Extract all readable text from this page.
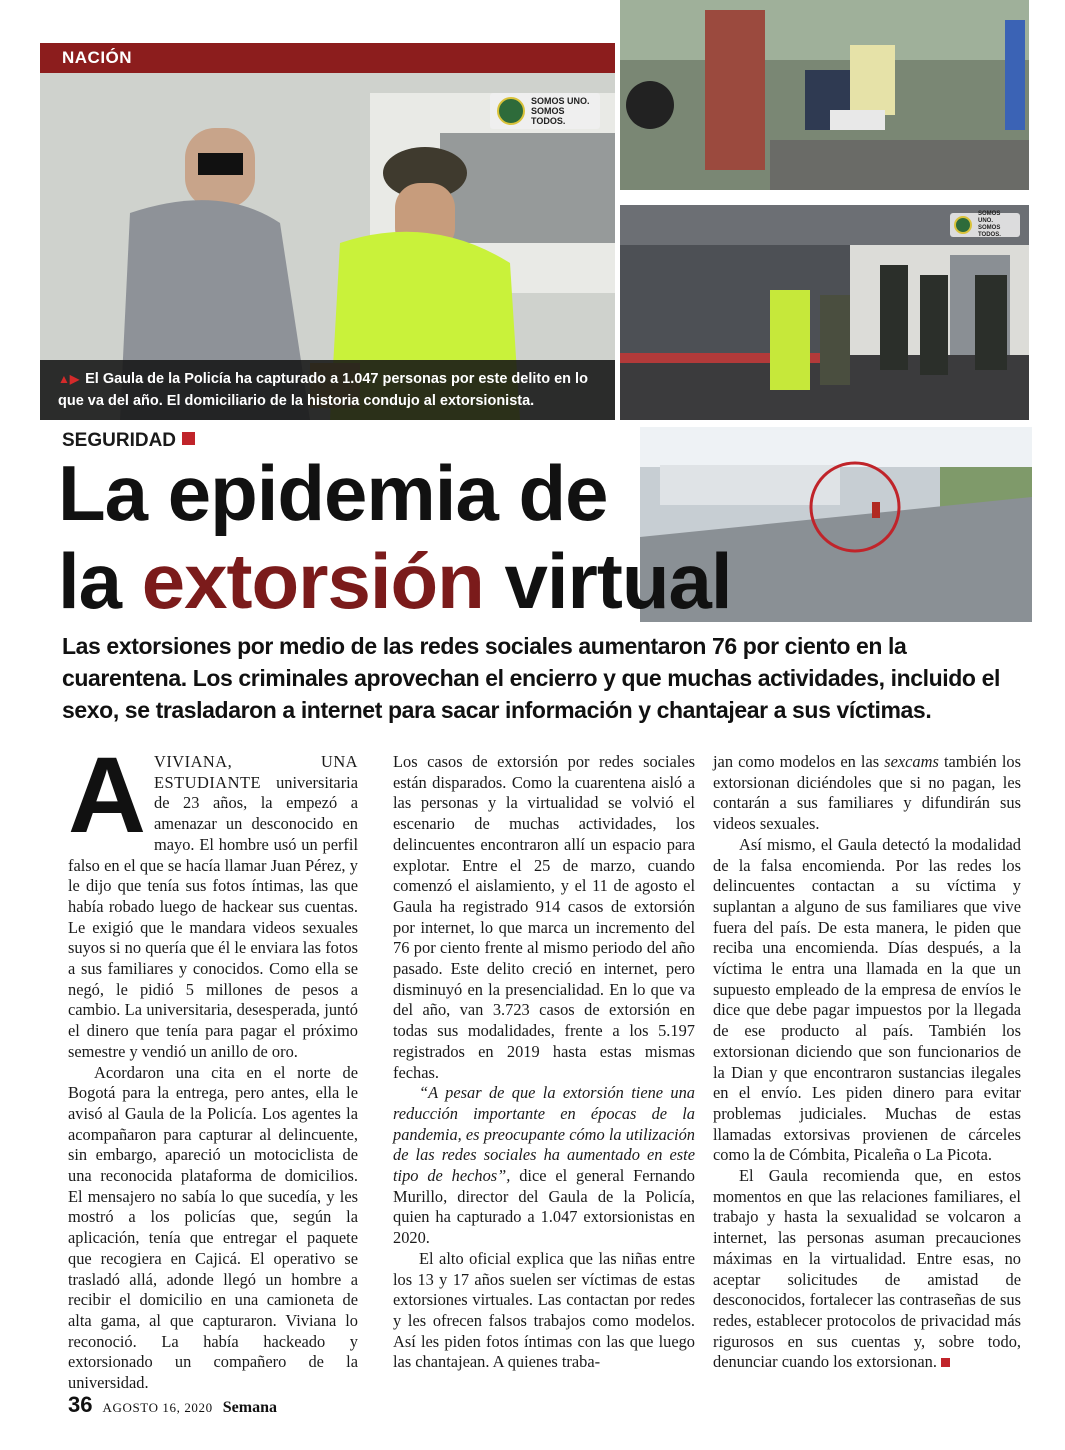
NACIÓN
SOMOS UNO. SOMOS TODOS.
▲▶ El Gaula de la Policía ha capturado a 1.047 personas por este delito en lo que va del año. El domiciliario de la historia condujo al extorsionista.
SOMOS UNO. SOMOS TODOS.
SEGURIDAD
La epidemia de
la extorsión virtual
Las extorsiones por medio de las redes sociales aumentaron 76 por ciento en la cuarentena. Los criminales aprovechan el encierro y que muchas actividades, incluido el sexo, se trasladaron a internet para sacar información y chantajear a sus víctimas.

AVIVIANA, UNA ESTUDIANTE universitaria de 23 años, la empezó a amenazar un desconocido en mayo. El hombre usó un perfil falso en el que se hacía llamar Juan Pérez, y le dijo que tenía sus fotos íntimas, las que había robado luego de hackear sus cuentas. Le exigió que le mandara videos sexuales suyos si no quería que él le enviara las fotos a sus familiares y conocidos. Como ella se negó, le pidió 5 millones de pesos a cambio. La universitaria, desesperada, juntó el dinero que tenía para pagar el próximo semestre y vendió un anillo de oro.

Acordaron una cita en el norte de Bogotá para la entrega, pero antes, ella le avisó al Gaula de la Policía. Los agentes la acompañaron para capturar al delincuente, sin embargo, apareció un motociclista de una reconocida plataforma de domicilios. El mensajero no sabía lo que sucedía, y les mostró a los policías que, según la aplicación, tenía que entregar el paquete que recogiera en Cajicá. El operativo se trasladó allá, adonde llegó un hombre a recibir el domicilio en una camioneta de alta gama, al que capturaron. Viviana lo reconoció. La había hackeado y extorsionado un compañero de la universidad.

Los casos de extorsión por redes sociales están disparados. Como la cuarentena aisló a las personas y la virtualidad se volvió el escenario de muchas actividades, los delincuentes encontraron allí un espacio para explotar. Entre el 25 de marzo, cuando comenzó el aislamiento, y el 11 de agosto el Gaula ha registrado 914 casos de extorsión por internet, lo que marca un incremento del 76 por ciento frente al mismo periodo del año pasado. Este delito creció en internet, pero disminuyó en la presencialidad. En lo que va del año, van 3.723 casos de extorsión en todas sus modalidades, frente a los 5.197 registrados en 2019 hasta estas mismas fechas.

“A pesar de que la extorsión tiene una reducción importante en épocas de la pandemia, es preocupante cómo la utilización de las redes sociales ha aumentado en este tipo de hechos”, dice el general Fernando Murillo, director del Gaula de la Policía, quien ha capturado a 1.047 extorsionistas en 2020.

El alto oficial explica que las niñas entre los 13 y 17 años suelen ser víctimas de estas extorsiones virtuales. Las contactan por redes y les ofrecen falsos trabajos como modelos. Así les piden fotos íntimas con las que luego las chantajean. A quienes traba-

jan como modelos en las sexcams también los extorsionan diciéndoles que si no pagan, les contarán a sus familiares y difundirán sus videos sexuales.

Así mismo, el Gaula detectó la modalidad de la falsa encomienda. Por las redes los delincuentes contactan a su víctima y suplantan a alguno de sus familiares que vive fuera del país. De esta manera, le piden que reciba una encomienda. Días después, a la víctima le entra una llamada en la que un supuesto empleado de la empresa de envíos le dice que debe pagar impuestos por la llegada de ese producto al país. También los extorsionan diciendo que son funcionarios de la Dian y que encontraron sustancias ilegales en el envío. Les piden dinero para evitar problemas judiciales. Muchas de estas llamadas extorsivas provienen de cárceles como la de Cómbita, Picaleña o La Picota.

El Gaula recomienda que, en estos momentos en que las relaciones familiares, el trabajo y hasta la sexualidad se volcaron a internet, las personas asuman precauciones máximas en la virtualidad. Entre esas, no aceptar solicitudes de amistad de desconocidos, fortalecer las contraseñas de sus redes, establecer protocolos de privacidad más rigurosos en sus cuentas y, sobre todo, denunciar cuando los extorsionan.

36 AGOSTO 16, 2020 Semana
